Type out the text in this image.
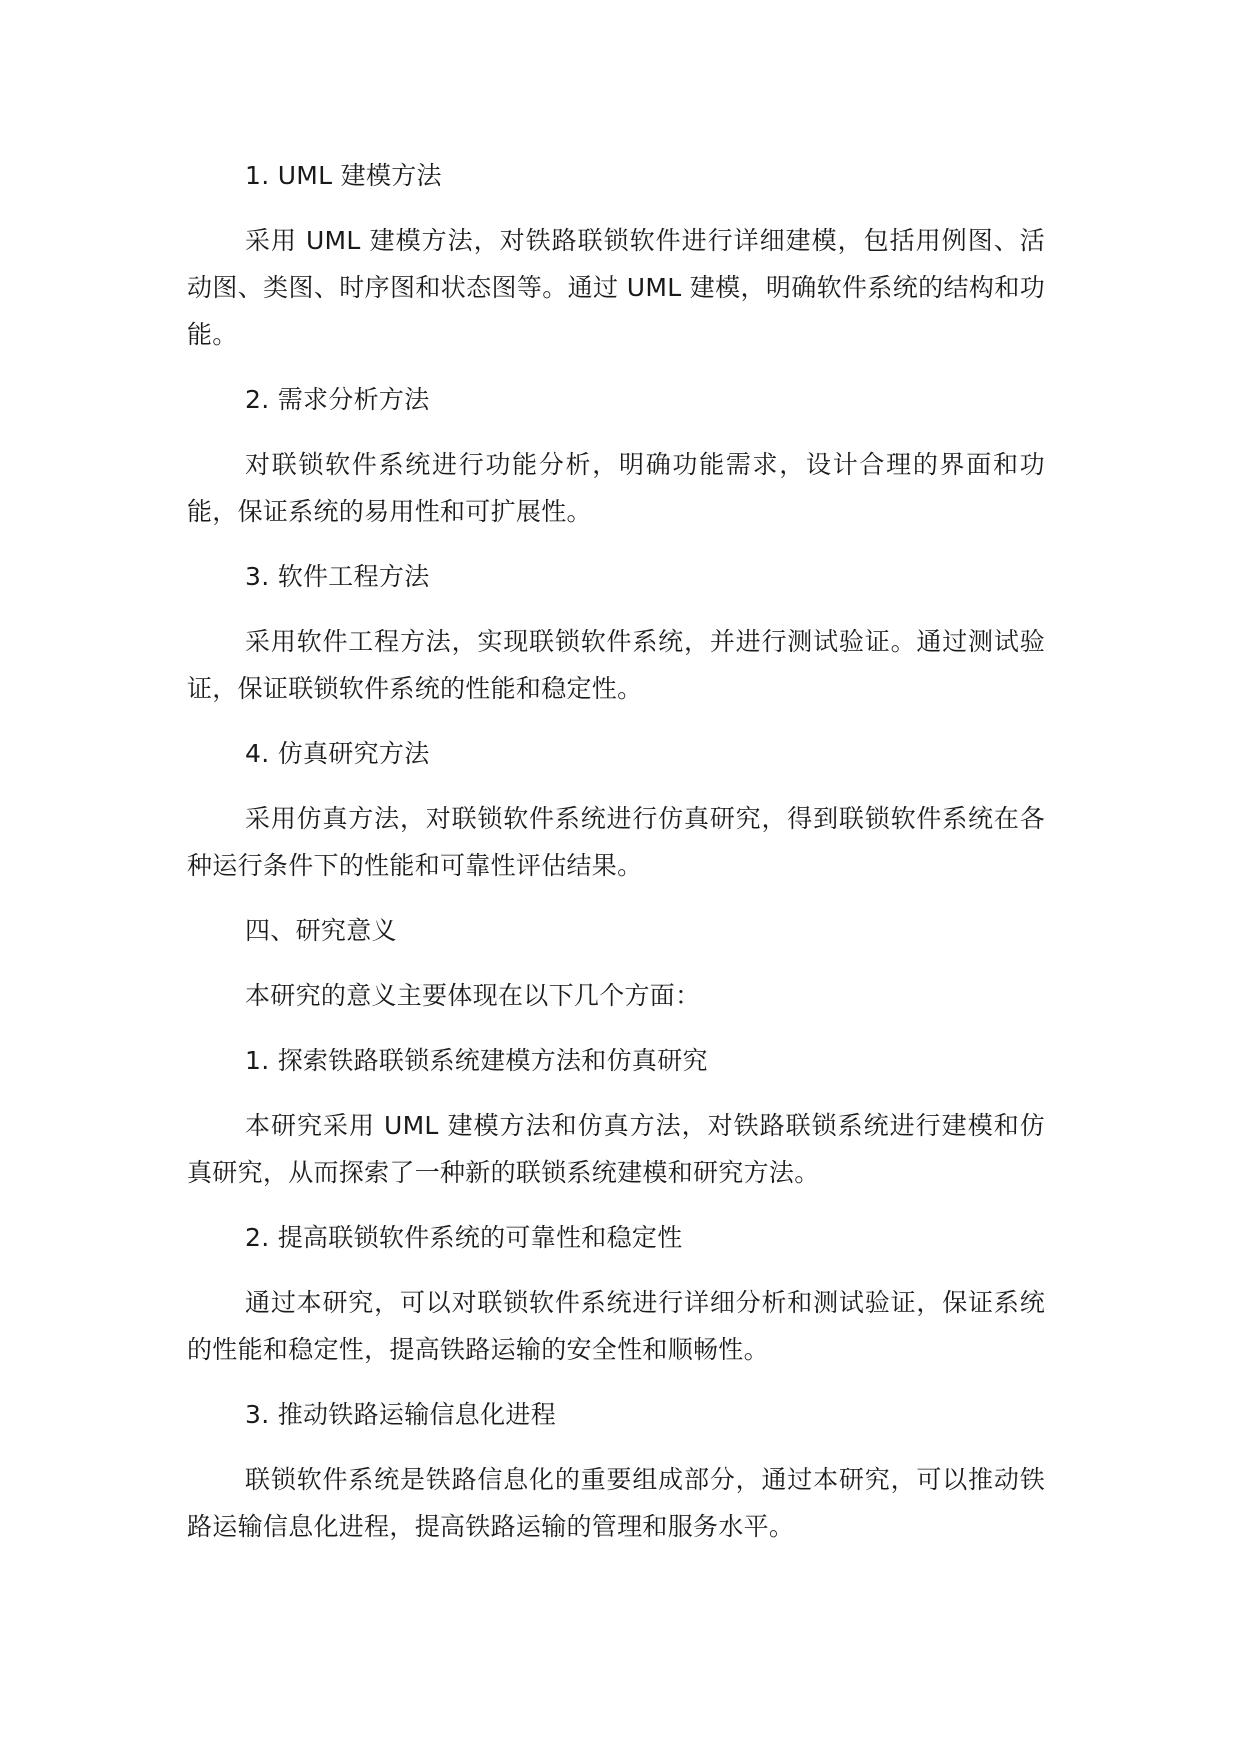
1. UML 建模方法

采用 UML 建模方法，对铁路联锁软件进行详细建模，包括用例图、活动图、类图、时序图和状态图等。通过 UML 建模，明确软件系统的结构和功能。

2. 需求分析方法

对联锁软件系统进行功能分析，明确功能需求，设计合理的界面和功能，保证系统的易用性和可扩展性。

3. 软件工程方法

采用软件工程方法，实现联锁软件系统，并进行测试验证。通过测试验证，保证联锁软件系统的性能和稳定性。

4. 仿真研究方法

采用仿真方法，对联锁软件系统进行仿真研究，得到联锁软件系统在各种运行条件下的性能和可靠性评估结果。

四、研究意义

本研究的意义主要体现在以下几个方面：

1. 探索铁路联锁系统建模方法和仿真研究

本研究采用 UML 建模方法和仿真方法，对铁路联锁系统进行建模和仿真研究，从而探索了一种新的联锁系统建模和研究方法。

2. 提高联锁软件系统的可靠性和稳定性

通过本研究，可以对联锁软件系统进行详细分析和测试验证，保证系统的性能和稳定性，提高铁路运输的安全性和顺畅性。

3. 推动铁路运输信息化进程

联锁软件系统是铁路信息化的重要组成部分，通过本研究，可以推动铁路运输信息化进程，提高铁路运输的管理和服务水平。
